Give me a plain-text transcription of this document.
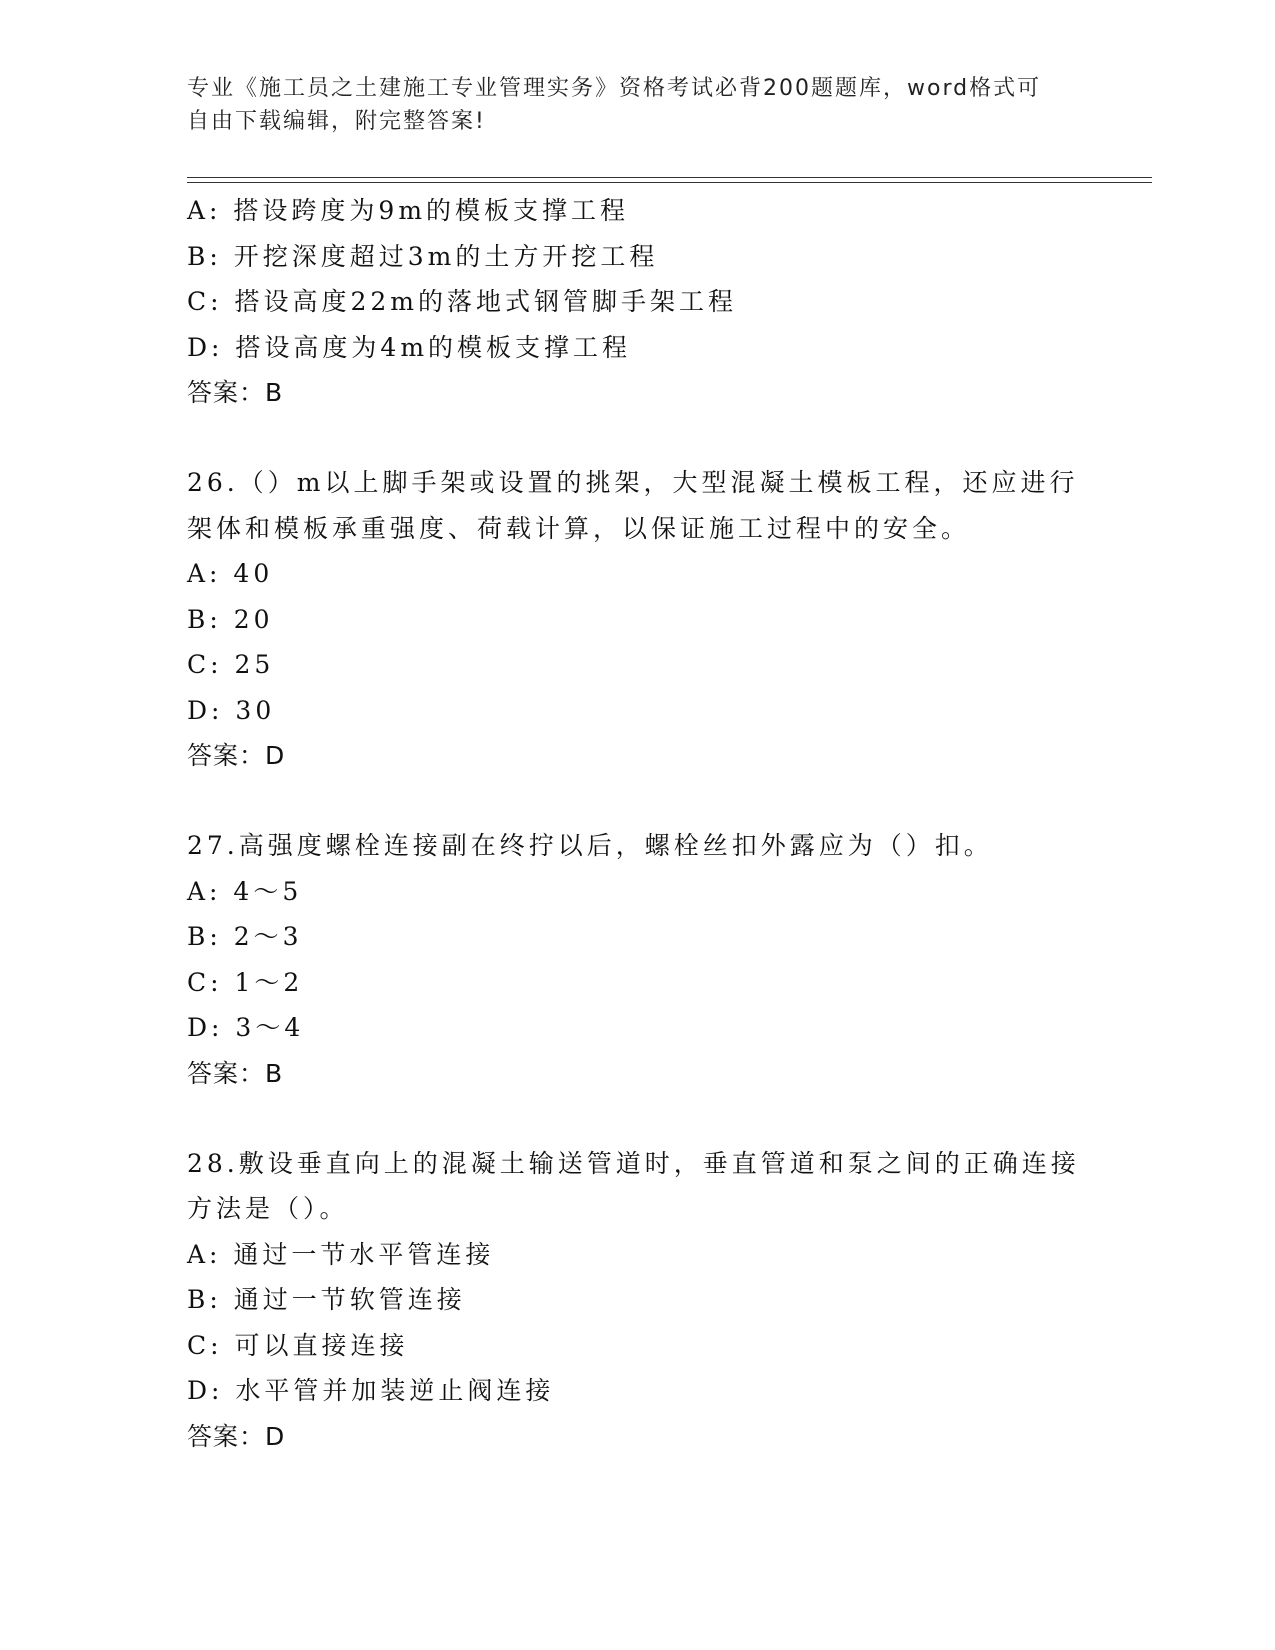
专业《施工员之土建施工专业管理实务》资格考试必背200题题库，word格式可
自由下载编辑，附完整答案!
A: 搭设跨度为9m的模板支撑工程
B: 开挖深度超过3m的土方开挖工程
C: 搭设高度22m的落地式钢管脚手架工程
D: 搭设高度为4m的模板支撑工程
答案：B
26.（）m以上脚手架或设置的挑架，大型混凝土模板工程，还应进行
架体和模板承重强度、荷载计算，以保证施工过程中的安全。
A: 40
B: 20
C: 25
D: 30
答案：D
27.高强度螺栓连接副在终拧以后，螺栓丝扣外露应为（）扣。
A: 4～5
B: 2～3
C: 1～2
D: 3～4
答案：B
28.敷设垂直向上的混凝土输送管道时，垂直管道和泵之间的正确连接
方法是（）。
A: 通过一节水平管连接
B: 通过一节软管连接
C: 可以直接连接
D: 水平管并加装逆止阀连接
答案：D
